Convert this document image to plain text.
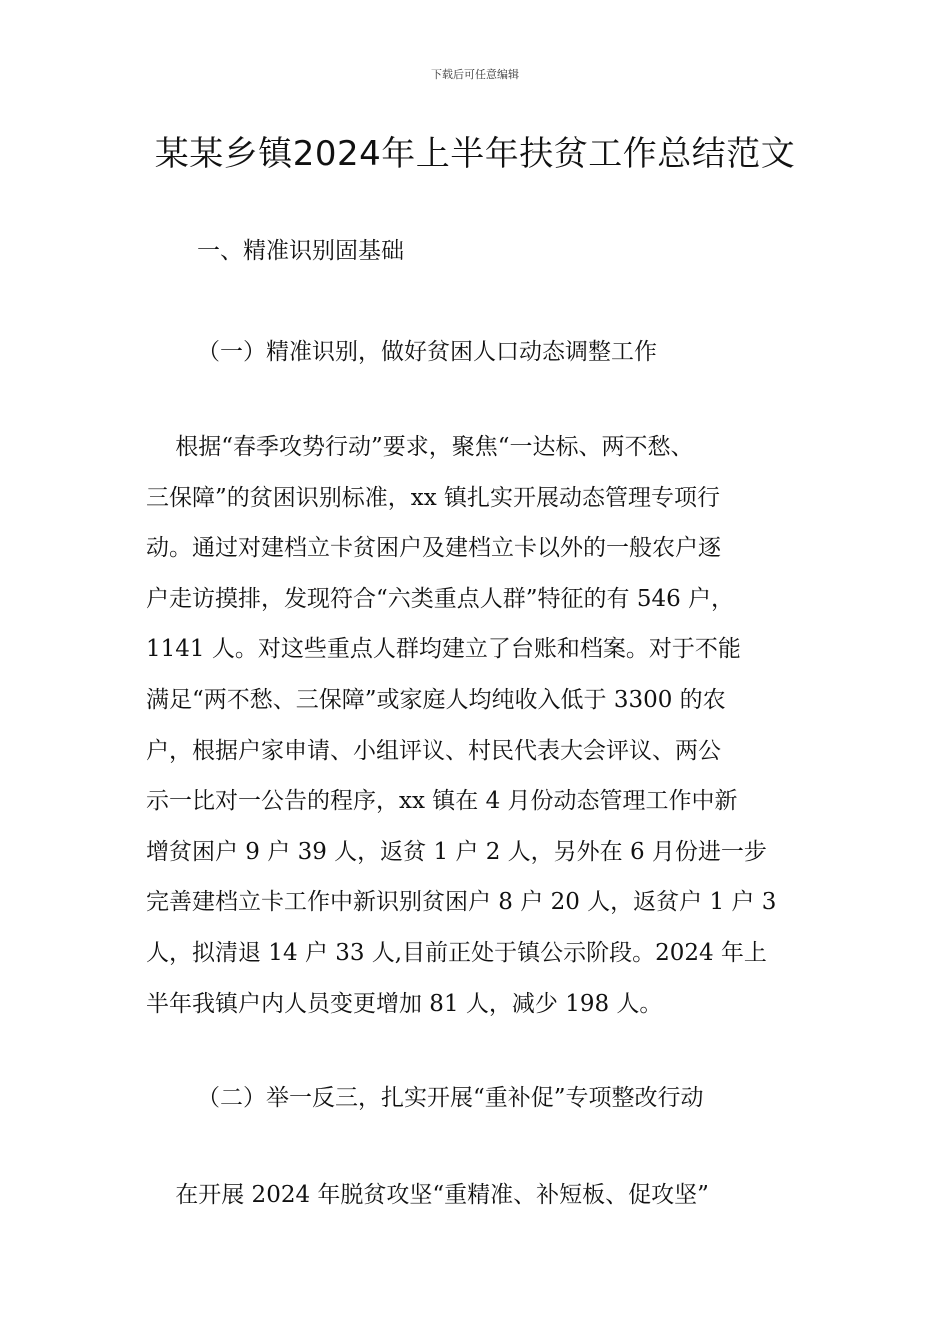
下载后可任意编辑
某某乡镇2024年上半年扶贫工作总结范文
一、精准识别固基础
（一）精准识别，做好贫困人口动态调整工作
根据“春季攻势行动”要求，聚焦“一达标、两不愁、
三保障”的贫困识别标准，xx 镇扎实开展动态管理专项行
动。通过对建档立卡贫困户及建档立卡以外的一般农户逐
户走访摸排，发现符合“六类重点人群”特征的有 546 户，
1141 人。对这些重点人群均建立了台账和档案。对于不能
满足“两不愁、三保障”或家庭人均纯收入低于 3300 的农
户，根据户家申请、小组评议、村民代表大会评议、两公
示一比对一公告的程序，xx 镇在 4 月份动态管理工作中新
增贫困户 9 户 39 人，返贫 1 户 2 人，另外在 6 月份进一步
完善建档立卡工作中新识别贫困户 8 户 20 人，返贫户 1 户 3
人，拟清退 14 户 33 人,目前正处于镇公示阶段。2024 年上
半年我镇户内人员变更增加 81 人，减少 198 人。
（二）举一反三，扎实开展“重补促”专项整改行动
在开展 2024 年脱贫攻坚“重精准、补短板、促攻坚”
